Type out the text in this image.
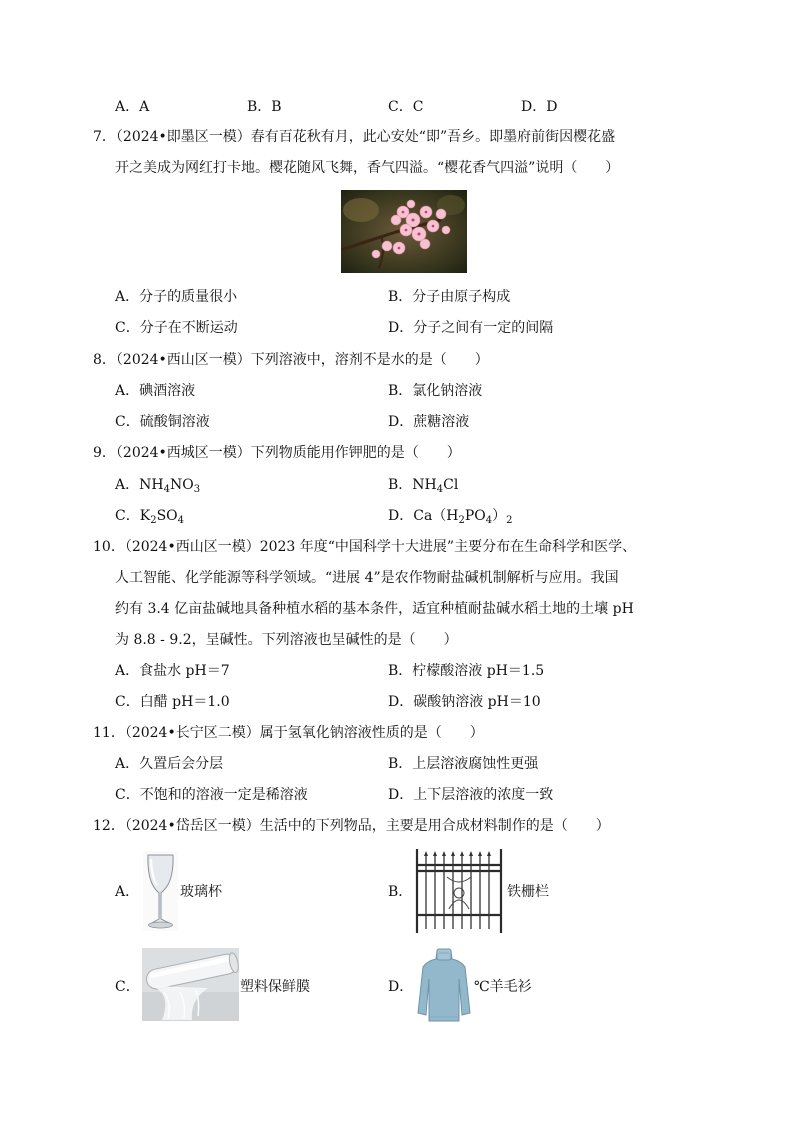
A．A	B．B	C．C	D．D
7．（2024•即墨区一模）春有百花秋有月，此心安处“即”吾乡。即墨府前街因樱花盛
开之美成为网红打卡地。樱花随风飞舞，香气四溢。“樱花香气四溢”说明（　　）
A．分子的质量很小	B．分子由原子构成
C．分子在不断运动	D．分子之间有一定的间隔
8．（2024•西山区一模）下列溶液中，溶剂不是水的是（　　）
A．碘酒溶液	B．氯化钠溶液
C．硫酸铜溶液	D．蔗糖溶液
9．（2024•西城区一模）下列物质能用作钾肥的是（　　）
A．$NH_4NO_3$	B．$NH_4Cl$
C．$K_2SO_4$	D．$Ca(H_2PO_4)_2$
10．（2024•西山区一模）2023 年度“中国科学十大进展”主要分布在生命科学和医学、
人工智能、化学能源等科学领域。“进展 4”是农作物耐盐碱机制解析与应用。我国
约有 3.4 亿亩盐碱地具备种植水稻的基本条件，适宜种植耐盐碱水稻土地的土壤 pH
为 8.8 - 9.2，呈碱性。下列溶液也呈碱性的是（　　）
A．食盐水 pH＝7	B．柠檬酸溶液 pH＝1.5
C．白醋 pH＝1.0	D．碳酸钠溶液 pH＝10
11．（2024•长宁区二模）属于氢氧化钠溶液性质的是（　　）
A．久置后会分层	B．上层溶液腐蚀性更强
C．不饱和的溶液一定是稀溶液	D．上下层溶液的浓度一致
12．（2024•岱岳区一模）生活中的下列物品，主要是用合成材料制作的是（　　）
A．	玻璃杯	B．	铁栅栏
C．	塑料保鲜膜	D．	℃羊毛衫
